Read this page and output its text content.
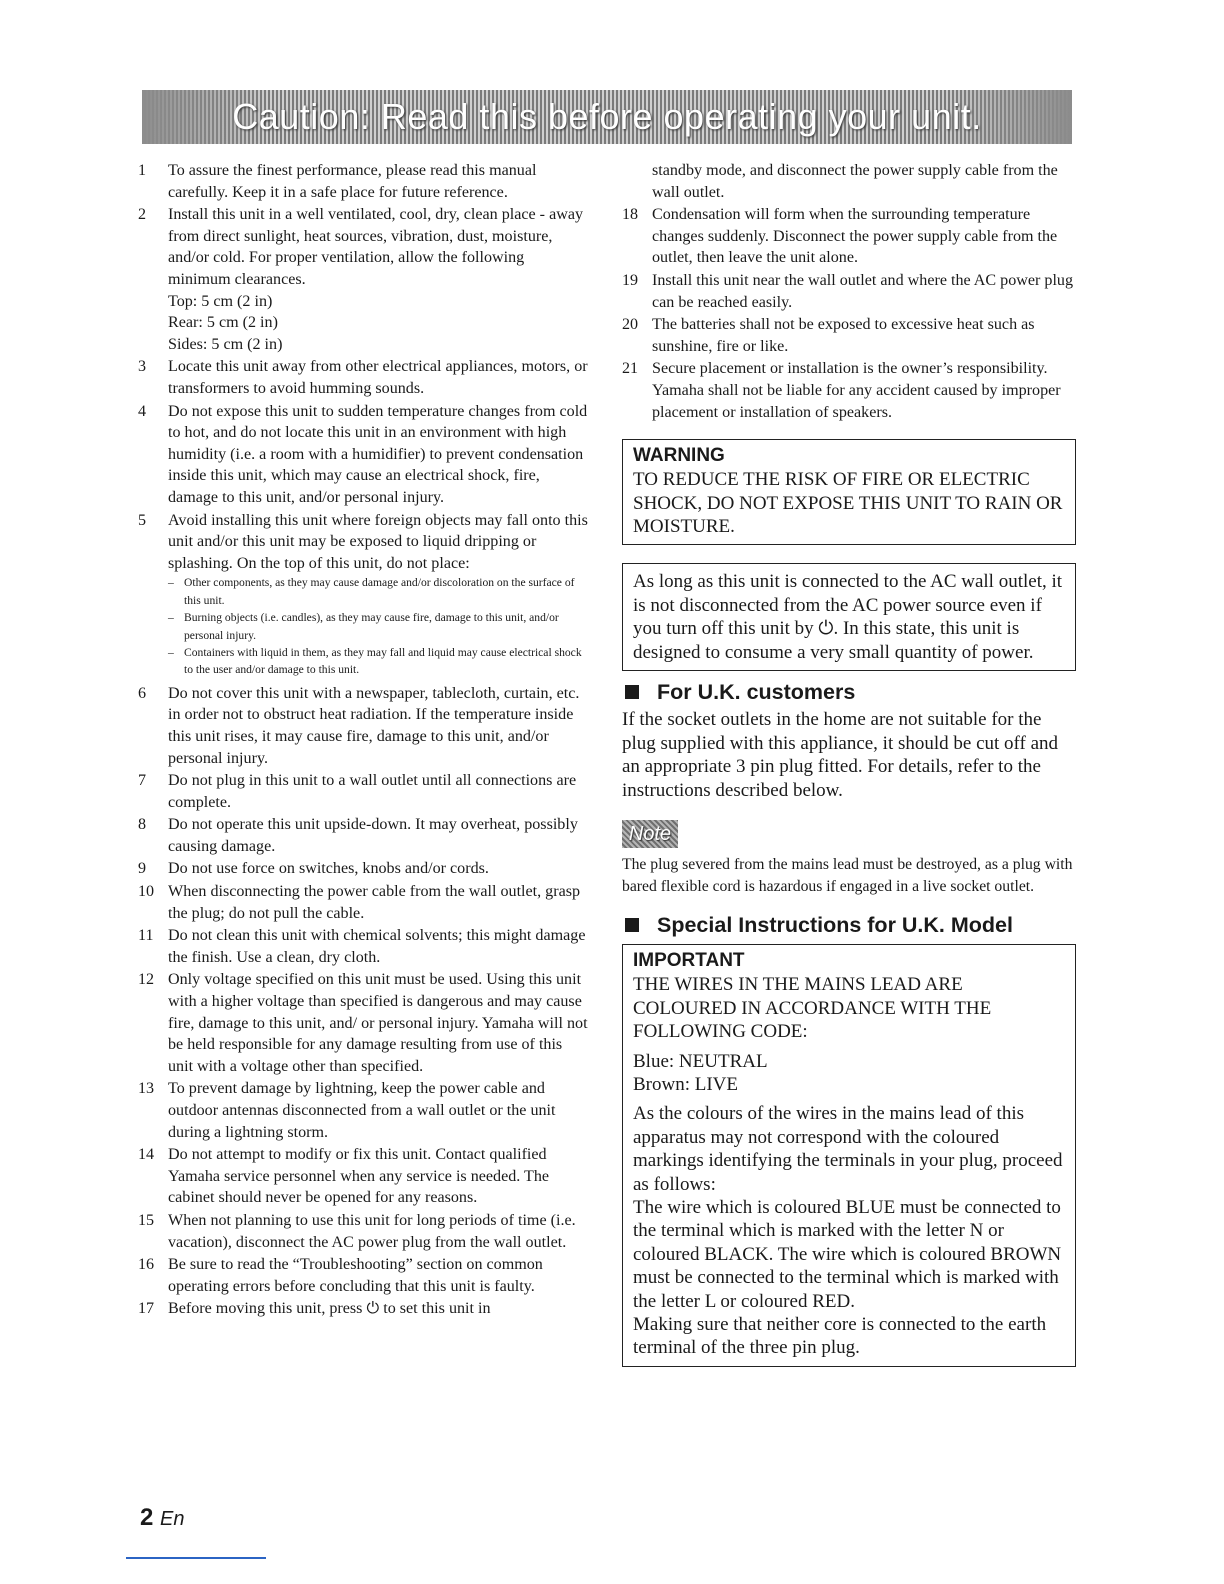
Caution: Read this before operating your unit.
1	To assure the finest performance, please read this manual carefully. Keep it in a safe place for future reference.

2	Install this unit in a well ventilated, cool, dry, clean place - away from direct sunlight, heat sources, vibration, dust, moisture, and/or cold. For proper ventilation, allow the following minimum clearances.

Top: 5 cm (2 in)

Rear: 5 cm (2 in)

Sides: 5 cm (2 in)

3	Locate this unit away from other electrical appliances, motors, or transformers to avoid humming sounds.

4	Do not expose this unit to sudden temperature changes from cold to hot, and do not locate this unit in an environment with high humidity (i.e. a room with a humidifier) to prevent condensation inside this unit, which may cause an electrical shock, fire, damage to this unit, and/or personal injury.

5	Avoid installing this unit where foreign objects may fall onto this unit and/or this unit may be exposed to liquid dripping or splashing. On the top of this unit, do not place:

– Other components, as they may cause damage and/or discoloration on the surface of this unit.
– Burning objects (i.e. candles), as they may cause fire, damage to this unit, and/or personal injury.
– Containers with liquid in them, as they may fall and liquid may cause electrical shock to the user and/or damage to this unit.
6	Do not cover this unit with a newspaper, tablecloth, curtain, etc. in order not to obstruct heat radiation. If the temperature inside this unit rises, it may cause fire, damage to this unit, and/or personal injury.

7	Do not plug in this unit to a wall outlet until all connections are complete.

8	Do not operate this unit upside-down. It may overheat, possibly causing damage.

9	Do not use force on switches, knobs and/or cords.

10 When disconnecting the power cable from the wall outlet, grasp the plug; do not pull the cable.

11 Do not clean this unit with chemical solvents; this might damage the finish. Use a clean, dry cloth.

12 Only voltage specified on this unit must be used. Using this unit with a higher voltage than specified is dangerous and may cause fire, damage to this unit, and/ or personal injury. Yamaha will not be held responsible for any damage resulting from use of this unit with a voltage other than specified.

13 To prevent damage by lightning, keep the power cable and outdoor antennas disconnected from a wall outlet or the unit during a lightning storm.

14 Do not attempt to modify or fix this unit. Contact qualified Yamaha service personnel when any service is needed. The cabinet should never be opened for any reasons.

15 When not planning to use this unit for long periods of time (i.e. vacation), disconnect the AC power plug from the wall outlet.

16 Be sure to read the “Troubleshooting” section on common operating errors before concluding that this unit is faulty.

17 Before moving this unit, press ⏻ to set this unit in

standby mode, and disconnect the power supply cable from the wall outlet.

18 Condensation will form when the surrounding temperature changes suddenly. Disconnect the power supply cable from the outlet, then leave the unit alone.

19 Install this unit near the wall outlet and where the AC power plug can be reached easily.

20 The batteries shall not be exposed to excessive heat such as sunshine, fire or like.

21 Secure placement or installation is the owner’s responsibility. Yamaha shall not be liable for any accident caused by improper placement or installation of speakers.

WARNING

TO REDUCE THE RISK OF FIRE OR ELECTRIC SHOCK, DO NOT EXPOSE THIS UNIT TO RAIN OR MOISTURE.

As long as this unit is connected to the AC wall outlet, it is not disconnected from the AC power source even if you turn off this unit by ⏻. In this state, this unit is designed to consume a very small quantity of power.

For U.K. customers

If the socket outlets in the home are not suitable for the plug supplied with this appliance, it should be cut off and an appropriate 3 pin plug fitted. For details, refer to the instructions described below.

Note

The plug severed from the mains lead must be destroyed, as a plug with bared flexible cord is hazardous if engaged in a live socket outlet.

Special Instructions for U.K. Model
IMPORTANT

THE WIRES IN THE MAINS LEAD ARE COLOURED IN ACCORDANCE WITH THE FOLLOWING CODE:

Blue: NEUTRAL

Brown: LIVE

As the colours of the wires in the mains lead of this apparatus may not correspond with the coloured markings identifying the terminals in your plug, proceed as follows:

The wire which is coloured BLUE must be connected to the terminal which is marked with the letter N or coloured BLACK. The wire which is coloured BROWN must be connected to the terminal which is marked with the letter L or coloured RED.

Making sure that neither core is connected to the earth terminal of the three pin plug.

2 En
